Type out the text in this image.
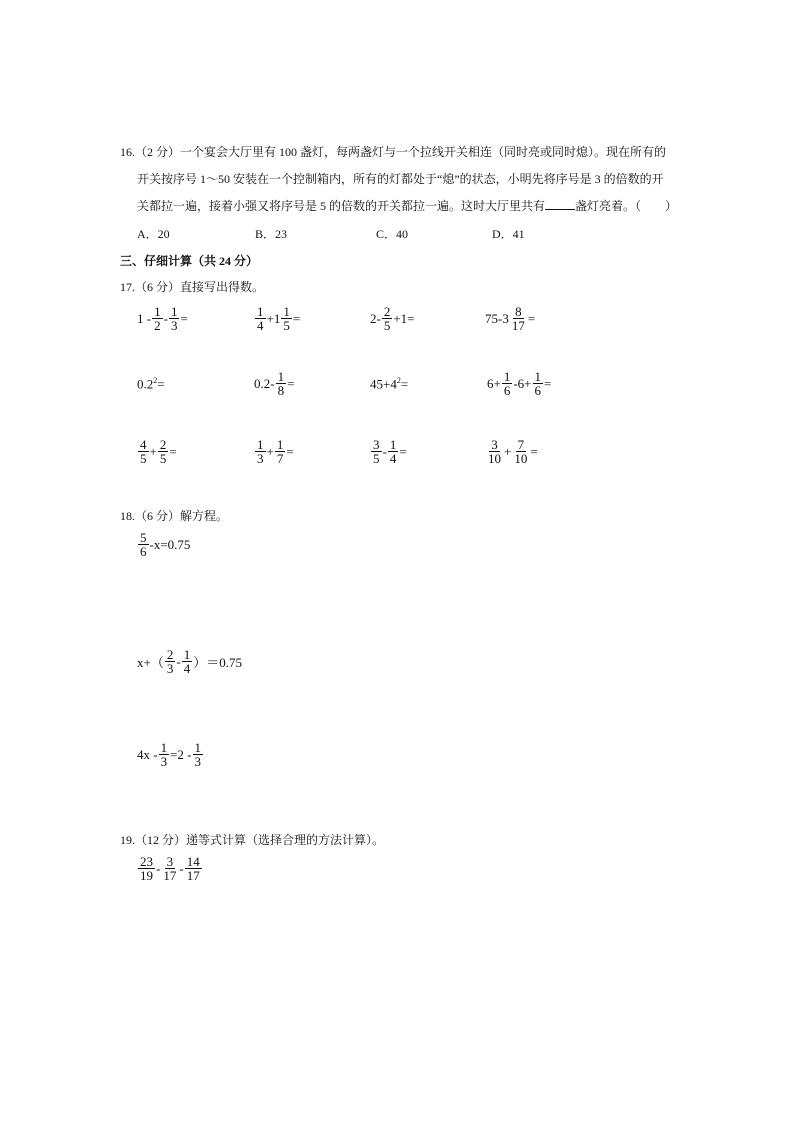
16.（2 分）一个宴会大厅里有 100 盏灯，每两盏灯与一个拉线开关相连（同时亮或同时熄）。现在所有的
开关按序号 1～50 安装在一个控制箱内，所有的灯都处于“熄”的状态，小明先将序号是 3 的倍数的开
关都拉一遍，接着小强又将序号是 5 的倍数的开关都拉一遍。这时大厅里共有	盏灯亮着。（　　）
A．20	B．23	C．40	D．41
三、仔细计算（共 24 分）
17.（6 分）直接写出得数。
$1 - \frac{1}{2} - \frac{1}{3}$ =	$\frac{1}{4} +1 \frac{1}{5}$ =	$2- \frac{2}{5} +1=$	$75-3 \frac{8}{17}$ =
$0.2^2=$	$0.2- \frac{1}{8}$ =	$45+4^2=$	$6+ \frac{1}{6} -6+ \frac{1}{6}$ =
$\frac{4}{5} + \frac{2}{5}$ =	$\frac{1}{3} + \frac{1}{7}$ =	$\frac{3}{5} - \frac{1}{4}$ =	$\frac{3}{10} + \frac{7}{10}$ =
18.（6 分）解方程。
$\frac{5}{6} -x=0.75$
$x+( \frac{2}{3} - \frac{1}{4} )=0.75$
$4x - \frac{1}{3} =2 - \frac{1}{3}$
19.（12 分）递等式计算（选择合理的方法计算）。
$\frac{23}{19} - \frac{3}{17} - \frac{14}{17}$
